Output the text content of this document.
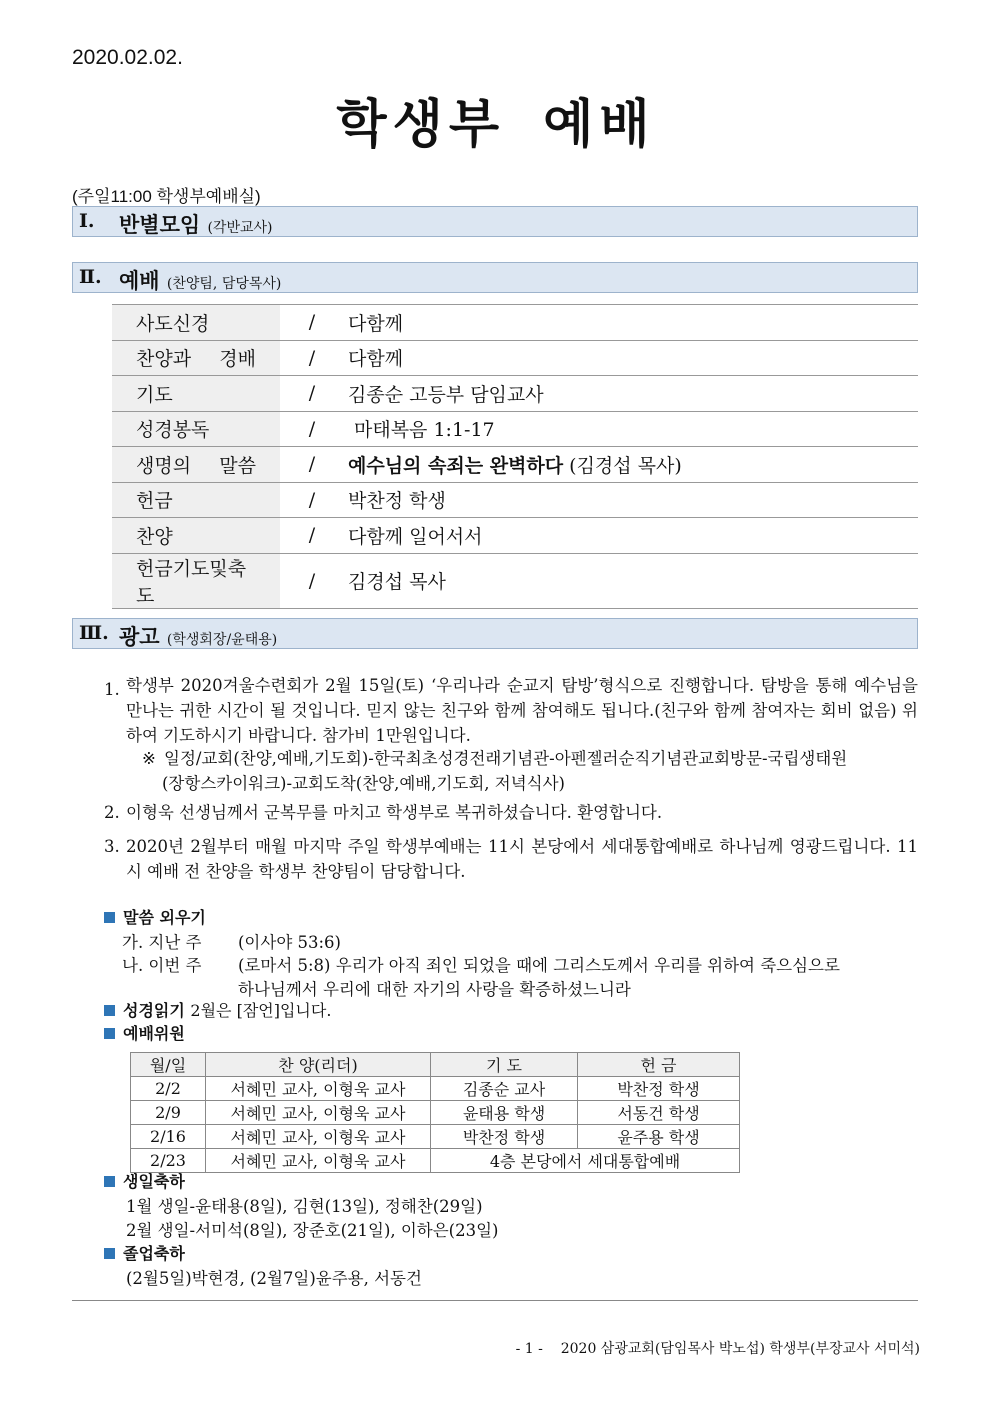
2020.02.02.
학생부 예배
(주일11:00 학생부예배실)
Ⅰ. 반별모임 (각반교사)
Ⅱ. 예배 (찬양팀, 담당목사)
사도신경	/	다함께
찬양과 경배	/	다함께
기도	/	김종순 고등부 담임교사
성경봉독	/	마태복음 1:1-17
생명의 말씀	/	예수님의 속죄는 완벽하다 (김경섭 목사)
헌금	/	박찬정 학생
찬양	/	다함께 일어서서
헌금기도및축도	/	김경섭 목사
Ⅲ. 광고 (학생회장/윤태용)
1. 학생부 2020겨울수련회가 2월 15일(토) ‘우리나라 순교지 탐방’형식으로 진행합니다. 탐방을 통해 예수님을 만나는 귀한 시간이 될 것입니다. 믿지 않는 친구와 함께 참여해도 됩니다.(친구와 함께 참여자는 회비 없음) 위하여 기도하시기 바랍니다. 참가비 1만원입니다.
※ 일정/교회(찬양,예배,기도회)-한국최초성경전래기념관-아펜젤러순직기념관교회방문-국립생태원
(장항스카이워크)-교회도착(찬양,예배,기도회, 저녁식사)
2. 이형욱 선생님께서 군복무를 마치고 학생부로 복귀하셨습니다. 환영합니다.
3. 2020년 2월부터 매월 마지막 주일 학생부예배는 11시 본당에서 세대통합예배로 하나님께 영광드립니다. 11시 예배 전 찬양을 학생부 찬양팀이 담당합니다.
말씀 외우기
가. 지난 주 (이사야 53:6)
나. 이번 주 (로마서 5:8) 우리가 아직 죄인 되었을 때에 그리스도께서 우리를 위하여 죽으심으로
하나님께서 우리에 대한 자기의 사랑을 확증하셨느니라
성경읽기 2월은 [잠언]입니다.
예배위원
월/일	찬 양(리더)	기 도	헌 금
2/2	서혜민 교사, 이형욱 교사	김종순 교사	박찬정 학생
2/9	서혜민 교사, 이형욱 교사	윤태용 학생	서동건 학생
2/16	서혜민 교사, 이형욱 교사	박찬정 학생	윤주용 학생
2/23	서혜민 교사, 이형욱 교사	4층 본당에서 세대통합예배	
생일축하
1월 생일-윤태용(8일), 김현(13일), 정해찬(29일)
2월 생일-서미석(8일), 장준호(21일), 이하은(23일)
졸업축하
(2월5일)박현경, (2월7일)윤주용, 서동건
- 1 - 2020 삼광교회(담임목사 박노섭) 학생부(부장교사 서미석)
